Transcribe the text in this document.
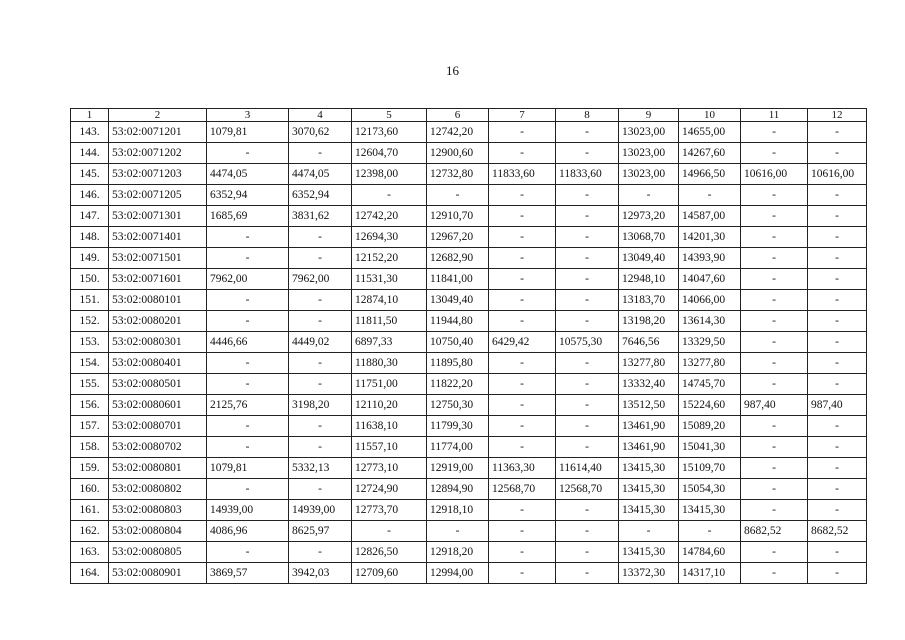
16
1	2	3	4	5	6	7	8	9	10	11	12
143.	53:02:0071201	1079,81	3070,62	12173,60	12742,20	-	-	13023,00	14655,00	-	-
144.	53:02:0071202	-	-	12604,70	12900,60	-	-	13023,00	14267,60	-	-
145.	53:02:0071203	4474,05	4474,05	12398,00	12732,80	11833,60	11833,60	13023,00	14966,50	10616,00	10616,00
146.	53:02:0071205	6352,94	6352,94	-	-	-	-	-	-	-	-
147.	53:02:0071301	1685,69	3831,62	12742,20	12910,70	-	-	12973,20	14587,00	-	-
148.	53:02:0071401	-	-	12694,30	12967,20	-	-	13068,70	14201,30	-	-
149.	53:02:0071501	-	-	12152,20	12682,90	-	-	13049,40	14393,90	-	-
150.	53:02:0071601	7962,00	7962,00	11531,30	11841,00	-	-	12948,10	14047,60	-	-
151.	53:02:0080101	-	-	12874,10	13049,40	-	-	13183,70	14066,00	-	-
152.	53:02:0080201	-	-	11811,50	11944,80	-	-	13198,20	13614,30	-	-
153.	53:02:0080301	4446,66	4449,02	6897,33	10750,40	6429,42	10575,30	7646,56	13329,50	-	-
154.	53:02:0080401	-	-	11880,30	11895,80	-	-	13277,80	13277,80	-	-
155.	53:02:0080501	-	-	11751,00	11822,20	-	-	13332,40	14745,70	-	-
156.	53:02:0080601	2125,76	3198,20	12110,20	12750,30	-	-	13512,50	15224,60	987,40	987,40
157.	53:02:0080701	-	-	11638,10	11799,30	-	-	13461,90	15089,20	-	-
158.	53:02:0080702	-	-	11557,10	11774,00	-	-	13461,90	15041,30	-	-
159.	53:02:0080801	1079,81	5332,13	12773,10	12919,00	11363,30	11614,40	13415,30	15109,70	-	-
160.	53:02:0080802	-	-	12724,90	12894,90	12568,70	12568,70	13415,30	15054,30	-	-
161.	53:02:0080803	14939,00	14939,00	12773,70	12918,10	-	-	13415,30	13415,30	-	-
162.	53:02:0080804	4086,96	8625,97	-	-	-	-	-	-	8682,52	8682,52
163.	53:02:0080805	-	-	12826,50	12918,20	-	-	13415,30	14784,60	-	-
164.	53:02:0080901	3869,57	3942,03	12709,60	12994,00	-	-	13372,30	14317,10	-	-
